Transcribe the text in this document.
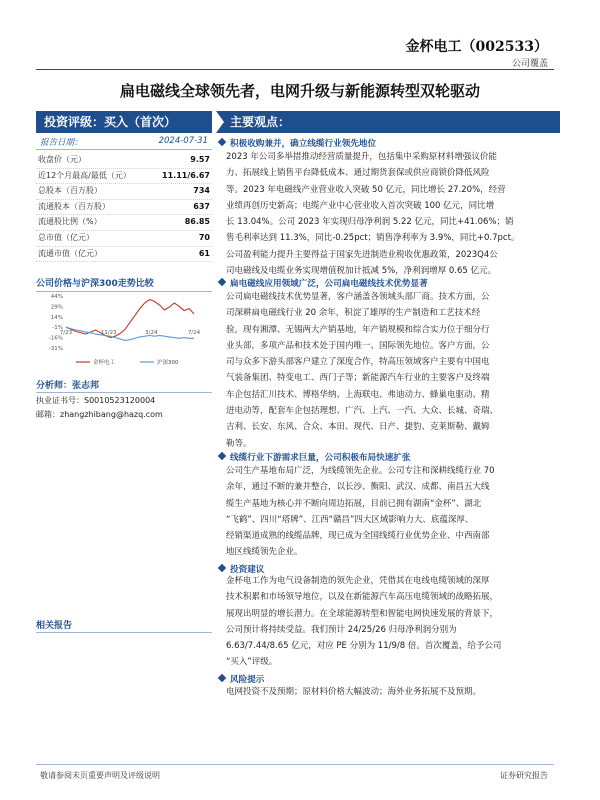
金杯电工（002533）
公司覆盖
扁电磁线全球领先者，电网升级与新能源转型双轮驱动
投资评级：买入（首次）
报告日期：	2024-07-31
收盘价（元）	9.57
近12个月最高/最低（元）	11.11/6.67
总股本（百万股）	734
流通股本（百万股）	637
流通股比例（%）	86.85
总市值（亿元）	70
流通市值（亿元）	61
公司价格与沪深300走势比较
44%
29%
14%
-1%
-16%
-31%
7/23	11/23	3/24	7/24
金杯电工	沪深300
分析师：张志邦
执业证书号：S0010523120004
邮箱：zhangzhibang@hazq.com
相关报告
主要观点：
积极收购兼并，确立线缆行业领先地位
2023 年公司多举措推动经营质量提升，包括集中采购原材料增强议价能
力、拓展线上销售平台降低成本、通过期货套保或供应商锁价降低风险
等。2023 年电磁线产业营业收入突破 50 亿元，同比增长 27.20%，经营
业绩再创历史新高；电缆产业中心营业收入首次突破 100 亿元，同比增
长 13.04%。公司 2023 年实现归母净利润 5.22 亿元，同比+41.06%；销
售毛利率达到 11.3%，同比-0.25pct；销售净利率为 3.9%，同比+0.7pct。
公司盈利能力提升主要得益于国家先进制造业税收优惠政策，2023Q4公
司电磁线及电缆业务实现增值税加计抵减 5%，净利润增厚 0.65 亿元。
扁电磁线应用领域广泛，公司扁电磁线技术优势显著
公司扁电磁线技术优势显著，客户涵盖各领域头部厂商。技术方面，公
司深耕扁电磁线行业 20 余年，积淀了雄厚的生产制造和工艺技术经
验，现有湘潭、无锡两大产销基地，年产销规模和综合实力位于细分行
业头部，多项产品和技术处于国内唯一、国际领先地位。客户方面，公
司与众多下游头部客户建立了深度合作，特高压领域客户主要有中国电
气装备集团、特变电工、西门子等；新能源汽车行业的主要客户及终端
车企包括汇川技术、博格华纳、上海联电、弗迪动力、蜂巢电驱动、精
进电动等，配套车企包括理想、广汽、上汽、一汽、大众、长城、奇瑞、
吉利、长安、东风、合众、本田、现代、日产、捷豹、克莱斯勒、戴姆
勒等。
线缆行业下游需求巨量，公司积极布局快速扩张
公司生产基地布局广泛，为线缆领先企业。公司专注和深耕线缆行业 70
余年，通过不断的兼并整合，以长沙、衡阳、武汉、成都、南昌五大线
缆生产基地为核心并不断向周边拓展，目前已拥有湖南“金杯”、湖北
“飞鹤”、四川“塔牌”、江西“赣昌”四大区域影响力大、底蕴深厚、
经销渠道成熟的线缆品牌，现已成为全国线缆行业优势企业、中西南部
地区线缆领先企业。
投资建议
金杯电工作为电气设备制造的领先企业，凭借其在电线电缆领域的深厚
技术积累和市场领导地位，以及在新能源汽车高压电缆领域的战略拓展，
展现出明显的增长潜力。在全球能源转型和智能电网快速发展的背景下，
公司预计将持续受益。我们预计 24/25/26 归母净利润分别为
6.63/7.44/8.65 亿元，对应 PE 分别为 11/9/8 倍。首次覆盖，给予公司
“买入”评级。
风险提示
电网投资不及预期；原材料价格大幅波动；海外业务拓展不及预期。
敬请参阅末页重要声明及评级说明	证券研究报告
